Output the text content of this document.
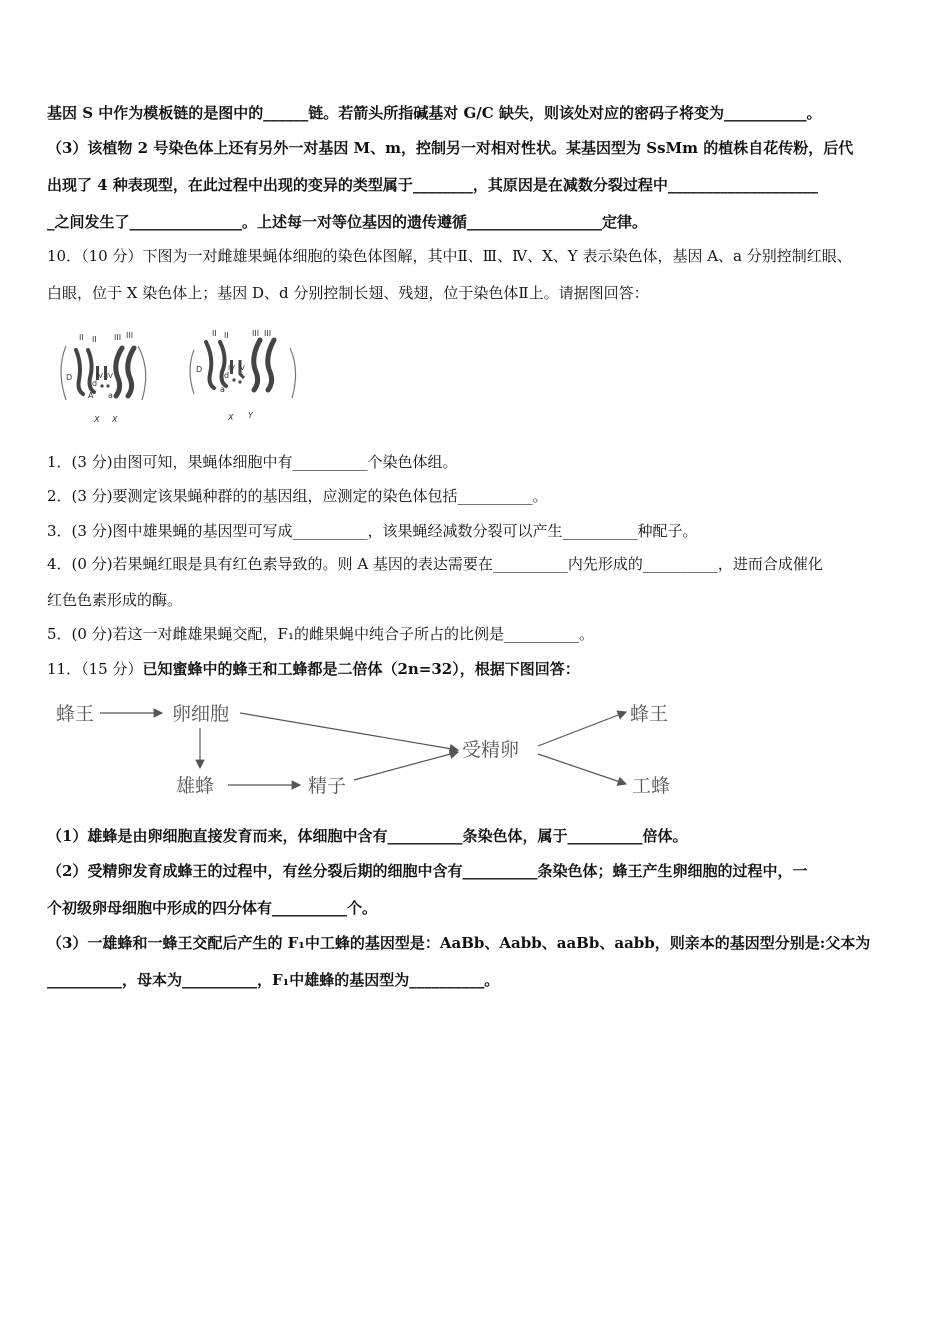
基因 S 中作为模板链的是图中的______链。若箭头所指碱基对 G/C 缺失，则该处对应的密码子将变为___________。
（3）该植物 2 号染色体上还有另外一对基因 M、m，控制另一对相对性状。某基因型为 SsMm 的植株自花传粉，后代
出现了 4 种表现型，在此过程中出现的变异的类型属于________，其原因是在减数分裂过程中____________________
_之间发生了_______________。上述每一对等位基因的遗传遵循__________________定律。
10．（10 分）下图为一对雌雄果蝇体细胞的染色体图解，其中Ⅱ、Ⅲ、Ⅳ、X、Y 表示染色体，基因 A、a 分别控制红眼、
白眼，位于 X 染色体上；基因 D、d 分别控制长翅、残翅，位于染色体Ⅱ上。请据图回答：
II II III III
D
d
IV IV
A a
X X
II II	III III
D
d
IV V
a
X Y
1．(3 分)由图可知，果蝇体细胞中有__________个染色体组。
2．(3 分)要测定该果蝇种群的的基因组，应测定的染色体包括__________。
3．(3 分)图中雄果蝇的基因型可写成__________，该果蝇经减数分裂可以产生__________种配子。
4．(0 分)若果蝇红眼是具有红色素导致的。则 A 基因的表达需要在__________内先形成的__________，进而合成催化
红色色素形成的酶。
5．(0 分)若这一对雌雄果蝇交配，F₁的雌果蝇中纯合子所占的比例是__________。
11．（15 分）已知蜜蜂中的蜂王和工蜂都是二倍体（2n=32），根据下图回答：
蜂王	卵细胞
雄蜂	精子
受精卵
蜂王
工蜂
（1）雄蜂是由卵细胞直接发育而来，体细胞中含有__________条染色体，属于__________倍体。
（2）受精卵发育成蜂王的过程中，有丝分裂后期的细胞中含有__________条染色体；蜂王产生卵细胞的过程中，一
个初级卵母细胞中形成的四分体有__________个。
（3）一雄蜂和一蜂王交配后产生的 F₁中工蜂的基因型是：AaBb、Aabb、aaBb、aabb，则亲本的基因型分别是:父本为
__________，母本为__________，F₁中雄蜂的基因型为__________。
